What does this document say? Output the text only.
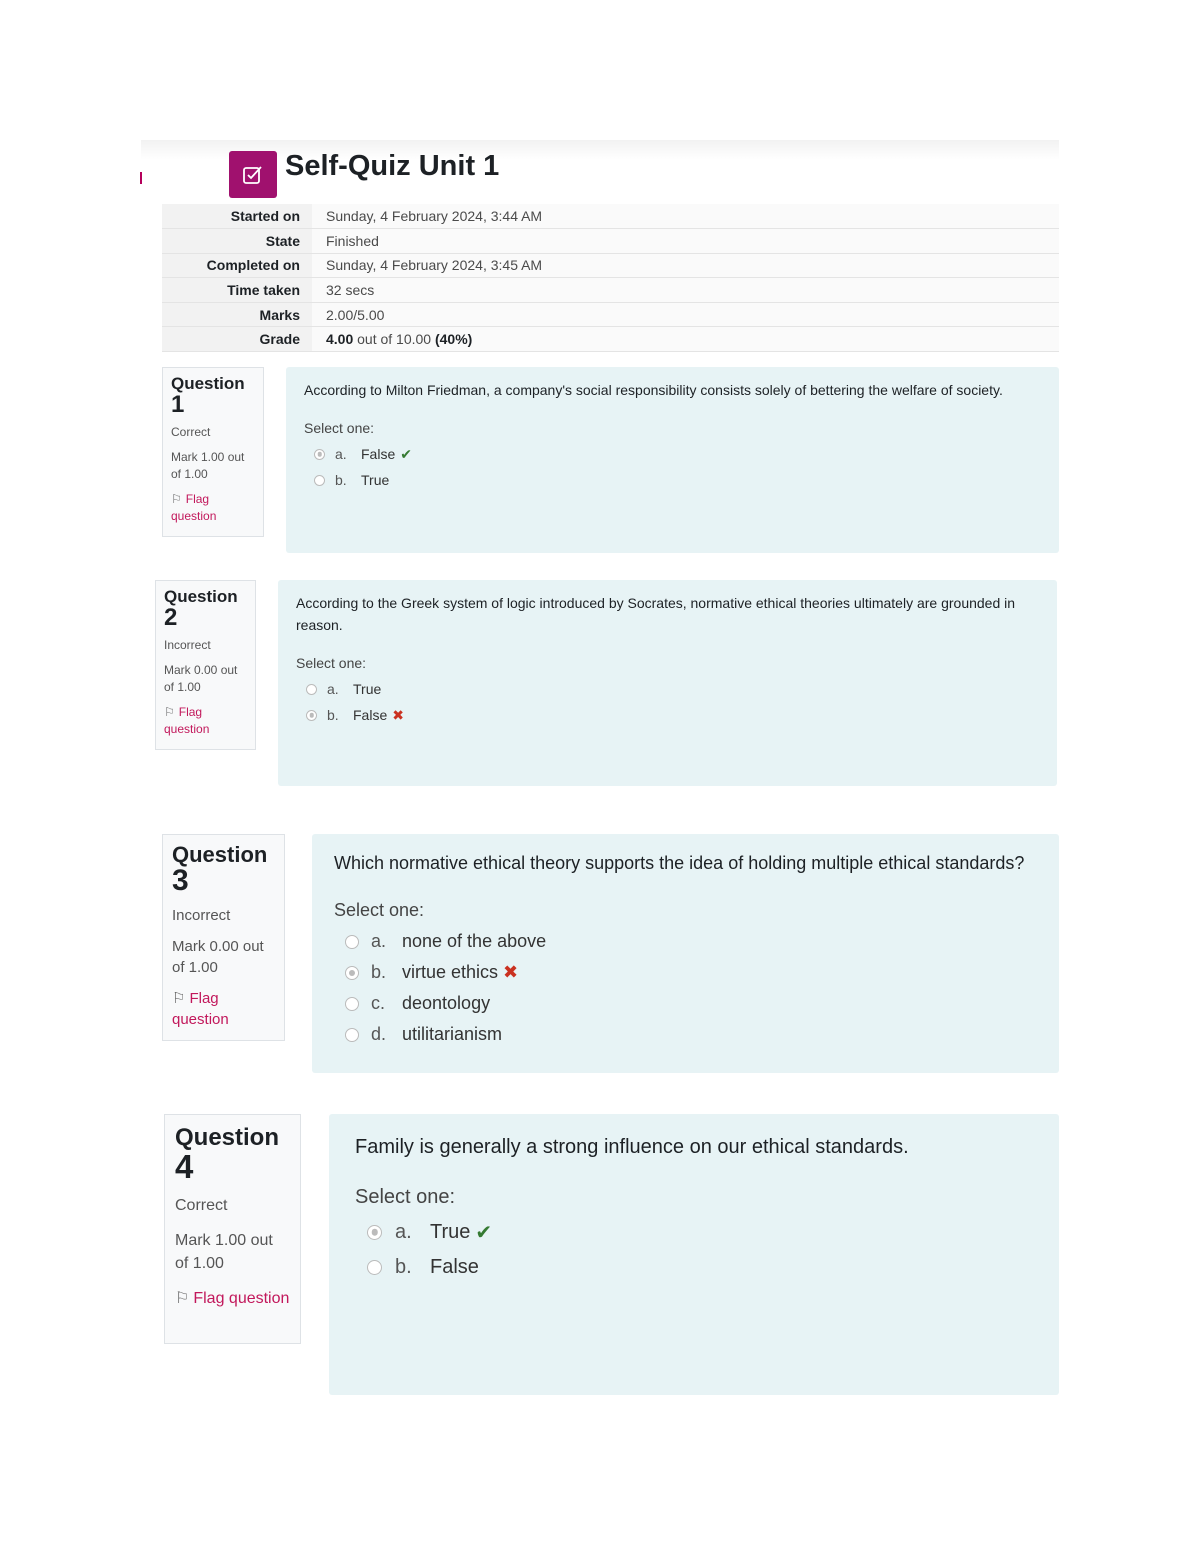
Self-Quiz Unit 1
Started on	Sunday, 4 February 2024, 3:44 AM
State	Finished
Completed on	Sunday, 4 February 2024, 3:45 AM
Time taken	32 secs
Marks	2.00/5.00
Grade	4.00 out of 10.00 (40%)
Question
1
Correct
Mark 1.00 out of 1.00
⚐ Flag question
According to Milton Friedman, a company's social responsibility consists solely of bettering the welfare of society.
Select one:
a.	False ✔
b.	True
Question
2
Incorrect
Mark 0.00 out of 1.00
⚐ Flag question
According to the Greek system of logic introduced by Socrates, normative ethical theories ultimately are grounded in reason.
Select one:
a.	True
b.	False ✖
Question
3
Incorrect
Mark 0.00 out of 1.00
⚐ Flag question
Which normative ethical theory supports the idea of holding multiple ethical standards?
Select one:
a. none of the above
b. virtue ethics ✖
c. deontology
d. utilitarianism
Question
4
Correct
Mark 1.00 out of 1.00
⚐ Flag question
Family is generally a strong influence on our ethical standards.
Select one:
a. True ✔
b. False
